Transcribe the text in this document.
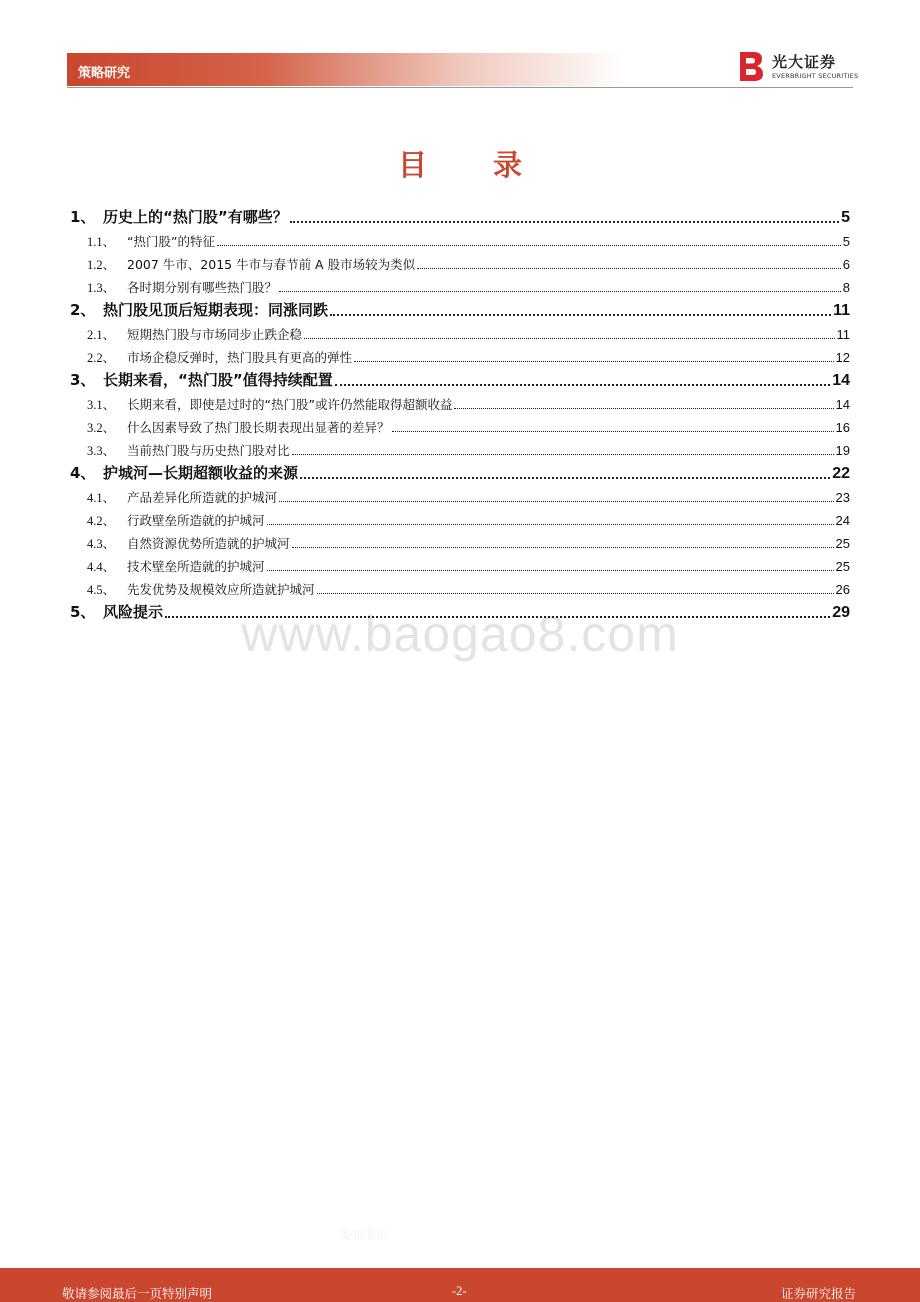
策略研究
光大证券
EVERBRIGHT SECURITIES
目 录
www.baogao8.com
发布书市
1、 历史上的“热门股”有哪些？	5
1.1、 “热门股”的特征	5
1.2、 2007 牛市、2015 牛市与春节前 A 股市场较为类似	6
1.3、 各时期分别有哪些热门股？	8
2、 热门股见顶后短期表现：同涨同跌	11
2.1、 短期热门股与市场同步止跌企稳	11
2.2、 市场企稳反弹时，热门股具有更高的弹性	12
3、 长期来看，“热门股”值得持续配置	14
3.1、 长期来看，即使是过时的“热门股”或许仍然能取得超额收益	14
3.2、 什么因素导致了热门股长期表现出显著的差异？	16
3.3、 当前热门股与历史热门股对比	19
4、 护城河—长期超额收益的来源	22
4.1、 产品差异化所造就的护城河	23
4.2、 行政壁垒所造就的护城河	24
4.3、 自然资源优势所造就的护城河	25
4.4、 技术壁垒所造就的护城河	25
4.5、 先发优势及规模效应所造就护城河	26
5、 风险提示	29
敬请参阅最后一页特别声明	-2-	证券研究报告
